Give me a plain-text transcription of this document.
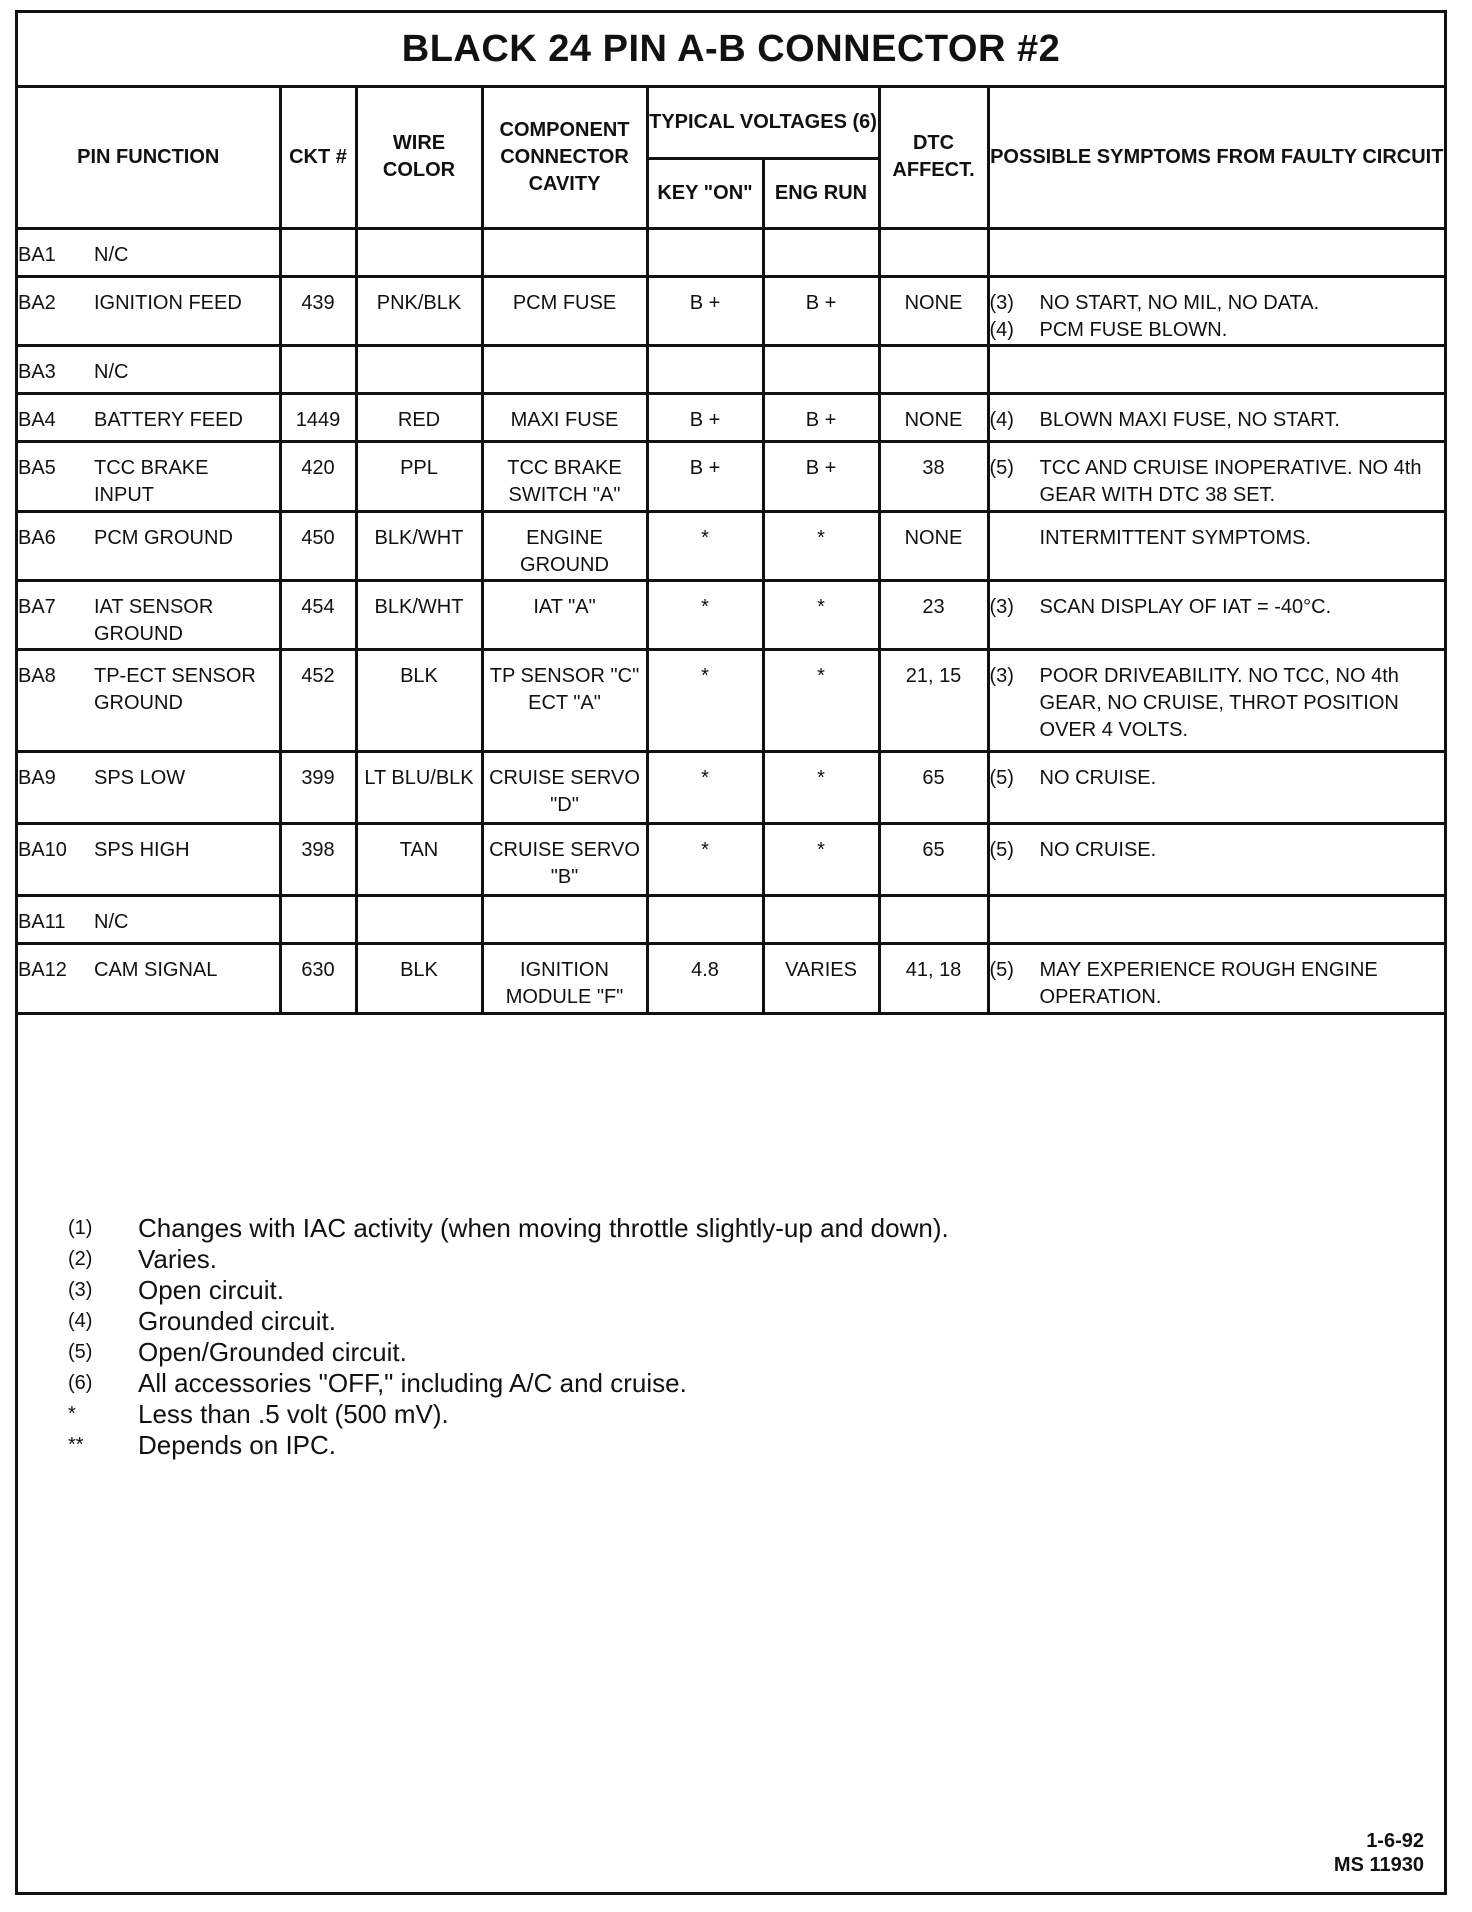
BLACK 24 PIN A-B CONNECTOR #2
PIN FUNCTION	CKT #	WIRE COLOR	COMPONENT CONNECTOR CAVITY	TYPICAL VOLTAGES (6)		DTC AFFECT.	POSSIBLE SYMPTOMS FROM FAULTY CIRCUIT
				KEY "ON"	ENG RUN		
BA1 N/C							
BA2 IGNITION FEED	439	PNK/BLK	PCM FUSE	B +	B +	NONE	(3) NO START, NO MIL, NO DATA.
(4) PCM FUSE BLOWN.

BA3 N/C							
BA4 BATTERY FEED	1449	RED	MAXI FUSE	B +	B +	NONE	(4) BLOWN MAXI FUSE, NO START.

BA5 TCC BRAKE INPUT	420	PPL	TCC BRAKE SWITCH "A"	B +	B +	38	(5) TCC AND CRUISE INOPERATIVE. NO 4th GEAR WITH DTC 38 SET.

BA6 PCM GROUND	450	BLK/WHT	ENGINE GROUND	*	*	NONE	INTERMITTENT SYMPTOMS.

BA7 IAT SENSOR GROUND	454	BLK/WHT	IAT "A"	*	*	23	(3) SCAN DISPLAY OF IAT = -40°C.

BA8 TP-ECT SENSOR GROUND	452	BLK	TP SENSOR "C" ECT "A"	*	*	21, 15	(3) POOR DRIVEABILITY. NO TCC, NO 4th GEAR, NO CRUISE, THROT POSITION OVER 4 VOLTS.

BA9 SPS LOW	399	LT BLU/BLK	CRUISE SERVO "D"	*	*	65	(5) NO CRUISE.

BA10 SPS HIGH	398	TAN	CRUISE SERVO "B"	*	*	65	(5) NO CRUISE.

BA11 N/C							
BA12 CAM SIGNAL	630	BLK	IGNITION MODULE "F"	4.8	VARIES	41, 18	(5) MAY EXPERIENCE ROUGH ENGINE OPERATION.
(1)	Changes with IAC activity (when moving throttle slightly-up and down).
(2)	Varies.
(3)	Open circuit.
(4)	Grounded circuit.
(5)	Open/Grounded circuit.
(6)	All accessories "OFF," including A/C and cruise.
*	Less than .5 volt (500 mV).
**	Depends on IPC.
1-6-92
MS 11930
